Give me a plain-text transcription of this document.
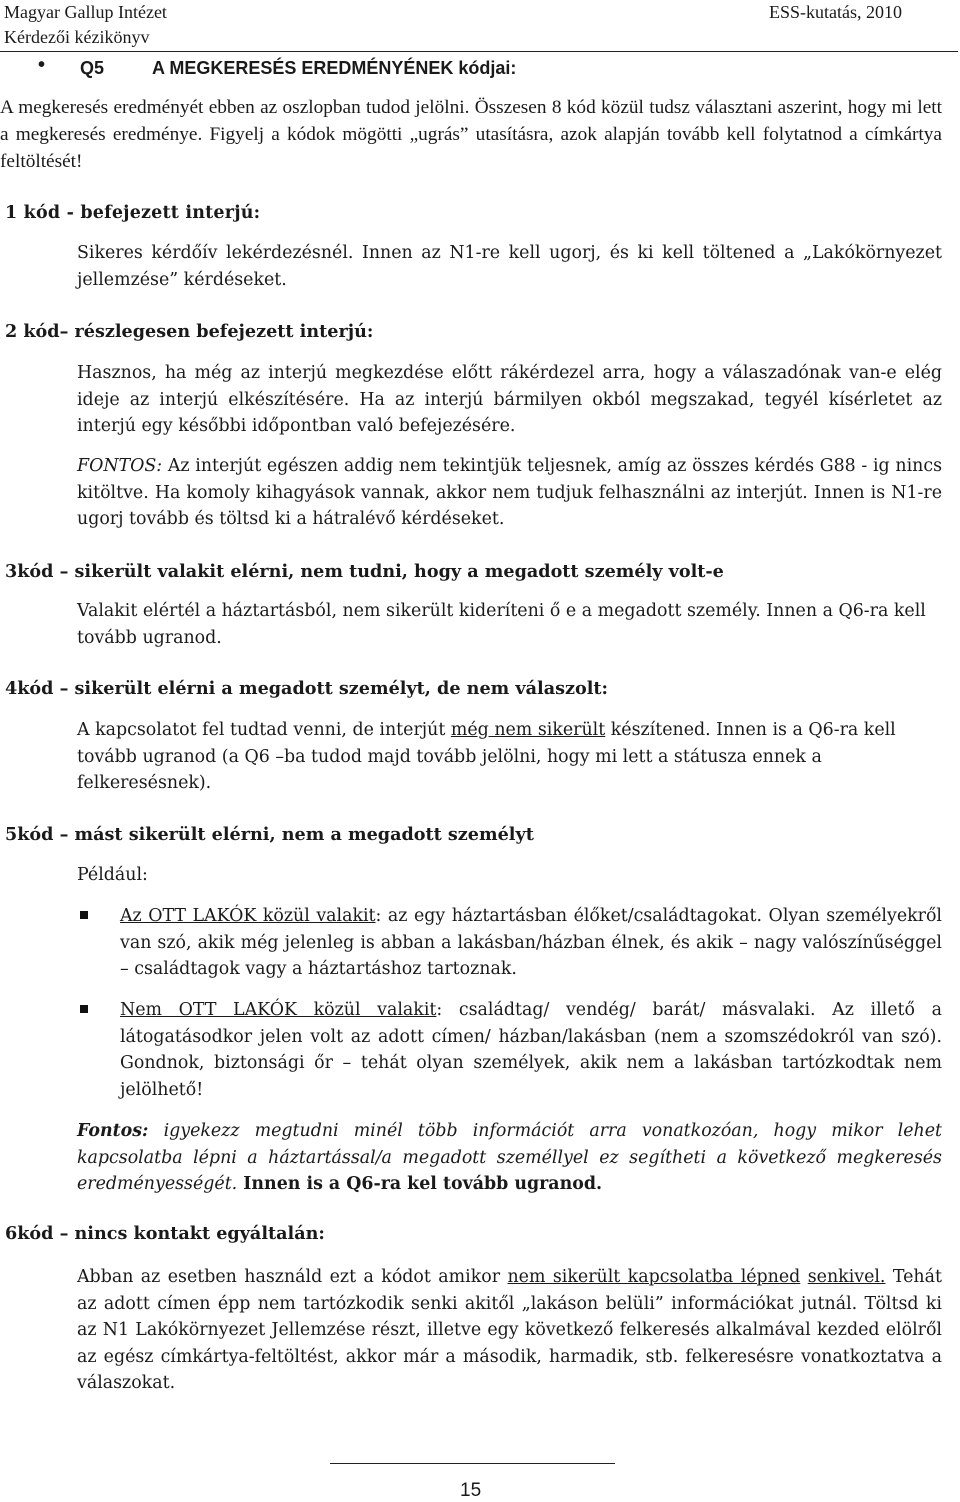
Magyar Gallup Intézet	ESS-kutatás, 2010
Kérdezői kézikönyv
• Q5	A MEGKERESÉS EREDMÉNYÉNEK kódjai:
A megkeresés eredményét ebben az oszlopban tudod jelölni. Összesen 8 kód közül tudsz választani aszerint, hogy mi lett a megkeresés eredménye. Figyelj a kódok mögötti „ugrás” utasításra, azok alapján tovább kell folytatnod a címkártya feltöltését!
1 kód - befejezett interjú:
Sikeres kérdőív lekérdezésnél. Innen az N1-re kell ugorj, és ki kell töltened a „Lakókörnyezet jellemzése” kérdéseket.
2 kód– részlegesen befejezett interjú:
Hasznos, ha még az interjú megkezdése előtt rákérdezel arra, hogy a válaszadónak van-e elég ideje az interjú elkészítésére. Ha az interjú bármilyen okból megszakad, tegyél kísérletet az interjú egy későbbi időpontban való befejezésére.
FONTOS: Az interjút egészen addig nem tekintjük teljesnek, amíg az összes kérdés G88 - ig nincs kitöltve. Ha komoly kihagyások vannak, akkor nem tudjuk felhasználni az interjút. Innen is N1-re ugorj tovább és töltsd ki a hátralévő kérdéseket.
3kód – sikerült valakit elérni, nem tudni, hogy a megadott személy volt-e
Valakit elértél a háztartásból, nem sikerült kideríteni ő e a megadott személy. Innen a Q6-ra kell tovább ugranod.
4kód – sikerült elérni a megadott személyt, de nem válaszolt:
A kapcsolatot fel tudtad venni, de interjút még nem sikerült készítened. Innen is a Q6-ra kell tovább ugranod (a Q6 –ba tudod majd tovább jelölni, hogy mi lett a státusza ennek a felkeresésnek).
5kód – mást sikerült elérni, nem a megadott személyt
Például:
Az OTT LAKÓK közül valakit: az egy háztartásban élőket/családtagokat. Olyan személyekről van szó, akik még jelenleg is abban a lakásban/házban élnek, és akik – nagy valószínűséggel – családtagok vagy a háztartáshoz tartoznak.
Nem OTT LAKÓK közül valakit: családtag/ vendég/ barát/ másvalaki. Az illető a látogatásodkor jelen volt az adott címen/ házban/lakásban (nem a szomszédokról van szó). Gondnok, biztonsági őr – tehát olyan személyek, akik nem a lakásban tartózkodtak nem jelölhető!
Fontos: igyekezz megtudni minél több információt arra vonatkozóan, hogy mikor lehet kapcsolatba lépni a háztartással/a megadott személlyel ez segítheti a következő megkeresés eredményességét. Innen is a Q6-ra kel tovább ugranod.
6kód – nincs kontakt egyáltalán:
Abban az esetben használd ezt a kódot amikor nem sikerült kapcsolatba lépned senkivel. Tehát az adott címen épp nem tartózkodik senki akitől „lakáson belüli” információkat jutnál. Töltsd ki az N1 Lakókörnyezet Jellemzése részt, illetve egy következő felkeresés alkalmával kezded elölről az egész címkártya-feltöltést, akkor már a második, harmadik, stb. felkeresésre vonatkoztatva a válaszokat.
15
